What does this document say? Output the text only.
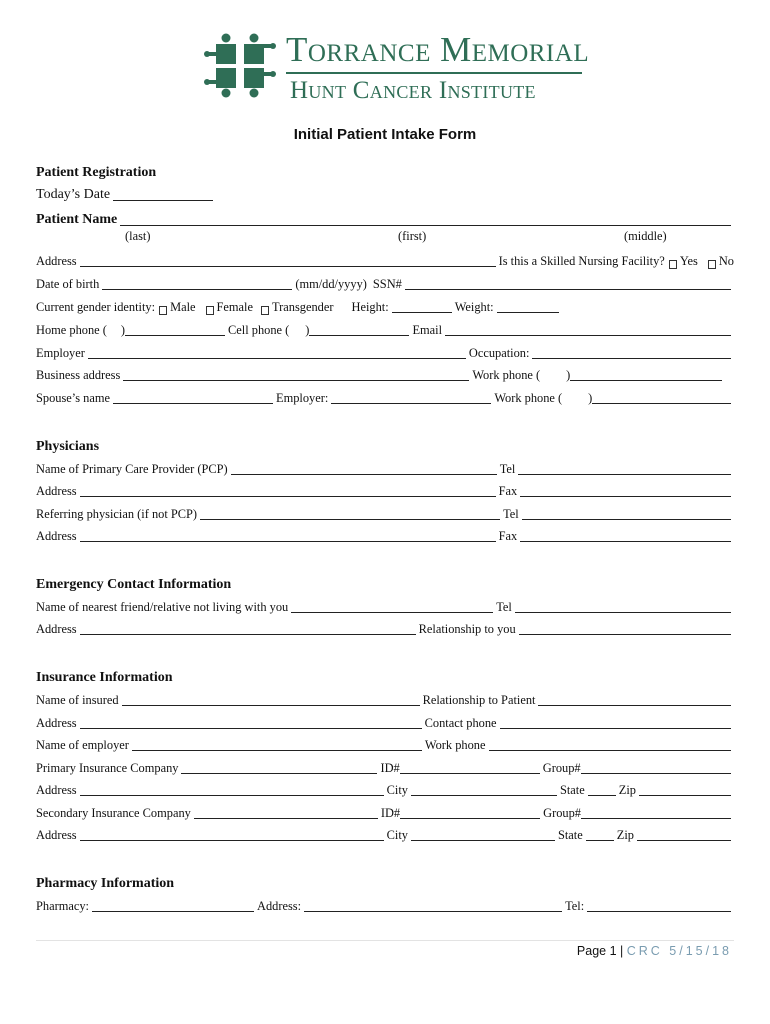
Torrance Memorial
Hunt Cancer Institute
Initial Patient Intake Form
Patient Registration
Today’s Date
Patient Name
(last)	(first)	(middle)
Address	Is this a Skilled Nursing Facility? Yes No
Date of birth	(mm/dd/yyyy) SSN#
Current gender identity: Male Female Transgender Height:	Weight:
Home phone ( )	Cell phone ( )	Email
Employer	Occupation:
Business address	Work phone ( )
Spouse’s name	Employer:	Work phone ( )
Physicians
Name of Primary Care Provider (PCP)	Tel
Address	Fax
Referring physician (if not PCP)	Tel
Address	Fax
Emergency Contact Information
Name of nearest friend/relative not living with you	Tel
Address	Relationship to you
Insurance Information
Name of insured	Relationship to Patient
Address	Contact phone
Name of employer	Work phone
Primary Insurance Company	ID#	Group#
Address	City	State	Zip
Secondary Insurance Company	ID#	Group#
Address	City	State	Zip
Pharmacy Information
Pharmacy:	Address:	Tel:
Page 1 | CRC 5/15/18
